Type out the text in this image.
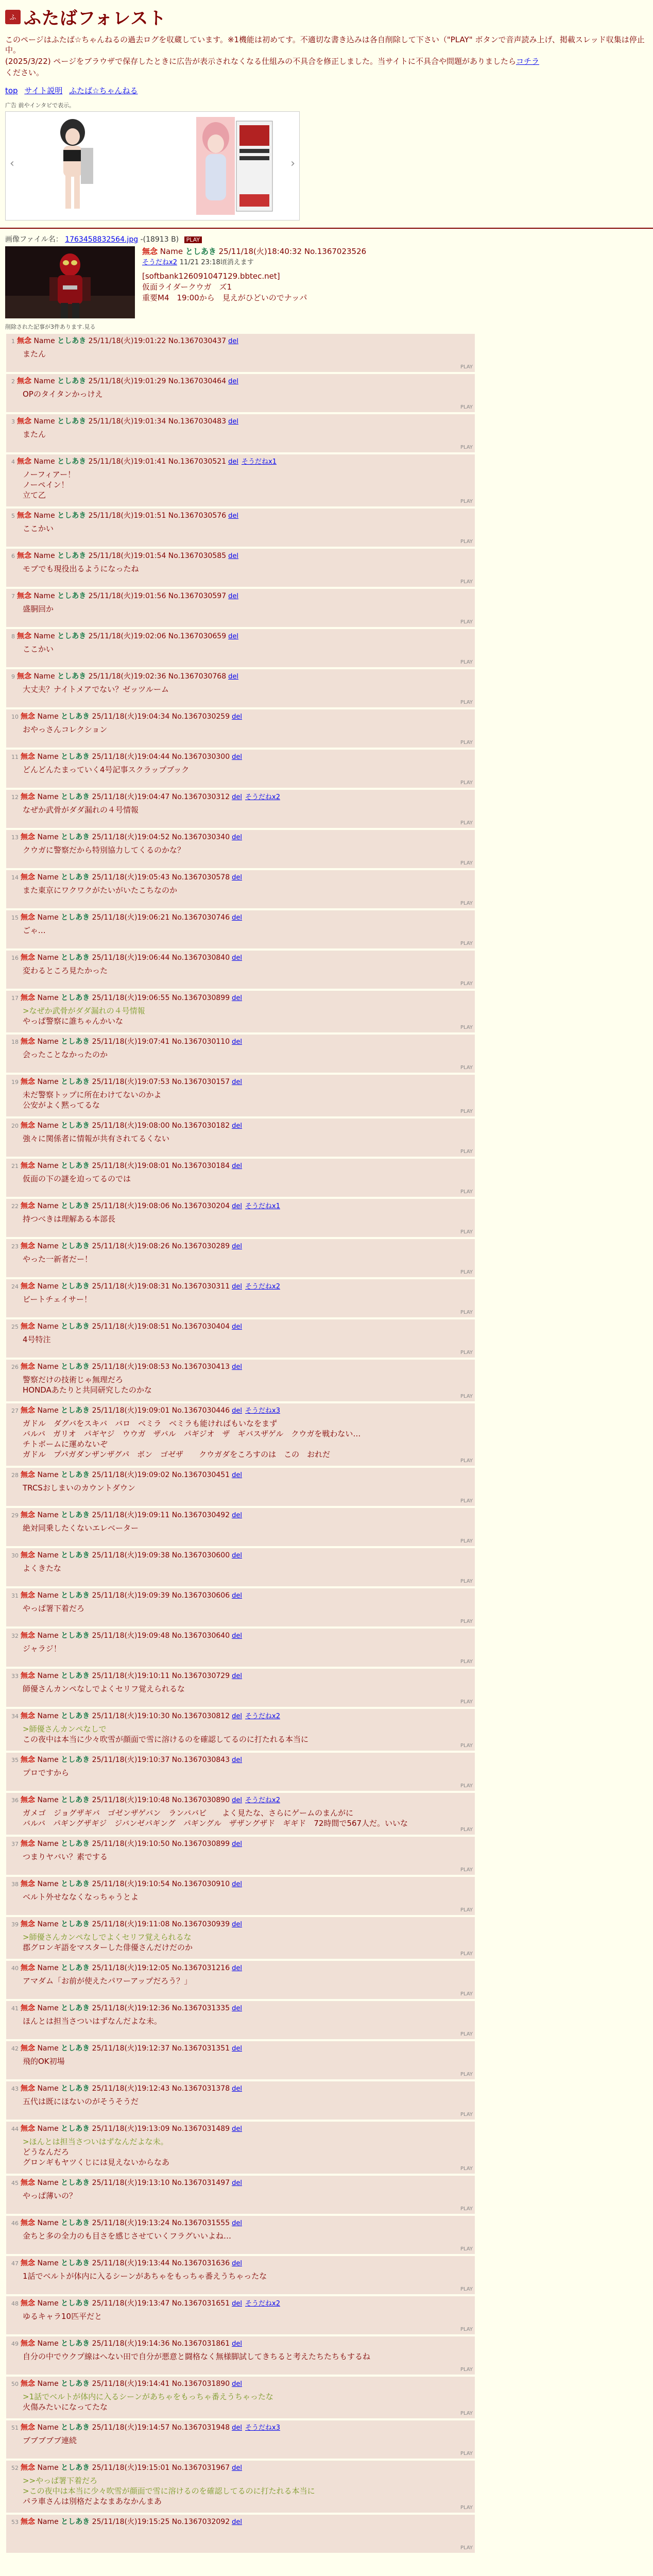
ふ ふたばフォレスト

このページはふたば☆ちゃんねるの過去ログを収蔵しています。※1機能は初めてす。不適切な書き込みは各自削除して下さい（"PLAY" ボタンで音声読み上げ、掲載スレッド収集は停止中。

(2025/3/22) ページをブラウザで保存したときに広告が表示されなくなる仕組みの不具合を修正しました。当サイトに不具合や問題がありましたらコチラ

ください。

top サイト説明 ふたば☆ちゃんねる
广告 前やインタビで表示。
‹	›
画像ファイル名： 1763458832564.jpg -(18913 B) PLAY
無念 Name としあき 25/11/18(火)18:40:32 No.1367023526
そうだねx2 11/21 23:18頃消えます
[softbank126091047129.bbtec.net]
仮面ライダークウガ　ズ1
重要M4　19:00から　見えがひどいのでナッパ
削除された記事が3件あります.見る
1 無念 Name としあき 25/11/18(火)19:01:22 No.1367030437 del
またん
PLAY
2 無念 Name としあき 25/11/18(火)19:01:29 No.1367030464 del
OPのタイタンかっけえ
PLAY
3 無念 Name としあき 25/11/18(火)19:01:34 No.1367030483 del
またん
PLAY
4 無念 Name としあき 25/11/18(火)19:01:41 No.1367030521 del そうだねx1
ノーフィアー！
ノーペイン！
立て乙
PLAY
5 無念 Name としあき 25/11/18(火)19:01:51 No.1367030576 del
ここかい
PLAY
6 無念 Name としあき 25/11/18(火)19:01:54 No.1367030585 del
モブでも現役出るようになったね
PLAY
7 無念 Name としあき 25/11/18(火)19:01:56 No.1367030597 del
盛胴回か
PLAY
8 無念 Name としあき 25/11/18(火)19:02:06 No.1367030659 del
ここかい
PLAY
9 無念 Name としあき 25/11/18(火)19:02:36 No.1367030768 del
大丈夫？ナイトメアでない？ゼッツルーム
PLAY
10 無念 Name としあき 25/11/18(火)19:04:34 No.1367030259 del
おやっさんコレクション
PLAY
11 無念 Name としあき 25/11/18(火)19:04:44 No.1367030300 del
どんどんたまっていく4号記事スクラップブック
PLAY
12 無念 Name としあき 25/11/18(火)19:04:47 No.1367030312 del そうだねx2
なぜか武骨がダダ漏れの４号情報
PLAY
13 無念 Name としあき 25/11/18(火)19:04:52 No.1367030340 del
クウガに警察だから特別協力してくるのかな？
PLAY
14 無念 Name としあき 25/11/18(火)19:05:43 No.1367030578 del
また東京にワクワクがたいがいたこちなのか
PLAY
15 無念 Name としあき 25/11/18(火)19:06:21 No.1367030746 del
ごゃ…
PLAY
16 無念 Name としあき 25/11/18(火)19:06:44 No.1367030840 del
変わるところ見たかった
PLAY
17 無念 Name としあき 25/11/18(火)19:06:55 No.1367030899 del
>なぜか武骨がダダ漏れの４号情報
やっぱ警察に誰ちゃんかいな
PLAY
18 無念 Name としあき 25/11/18(火)19:07:41 No.1367030110 del
会ったことなかったのか
PLAY
19 無念 Name としあき 25/11/18(火)19:07:53 No.1367030157 del
未だ警察トップに所在わけてないのかよ
公安がよく黙ってるな
PLAY
20 無念 Name としあき 25/11/18(火)19:08:00 No.1367030182 del
強々に関係者に情報が共有されてるくない
PLAY
21 無念 Name としあき 25/11/18(火)19:08:01 No.1367030184 del
仮面の下の謎を迫ってるのでは
PLAY
22 無念 Name としあき 25/11/18(火)19:08:06 No.1367030204 del そうだねx1
持つべきは理解ある本部長
PLAY
23 無念 Name としあき 25/11/18(火)19:08:26 No.1367030289 del
やった一新者だー！
PLAY
24 無念 Name としあき 25/11/18(火)19:08:31 No.1367030311 del そうだねx2
ビートチェイサー！
PLAY
25 無念 Name としあき 25/11/18(火)19:08:51 No.1367030404 del
4号特注
PLAY
26 無念 Name としあき 25/11/18(火)19:08:53 No.1367030413 del
警察だけの技術じゃ無理だろ
HONDAあたりと共同研究したのかな
PLAY
27 無念 Name としあき 25/11/18(火)19:09:01 No.1367030446 del そうだねx3
ガドル　ダグバをスキバ　バロ　ベミラ　ベミラも能ければもいなをまず
バルバ　ガリオ　パギヤジ　ウウガ　ザバル　パギジオ　ザ　ギバスザゲル　クウガを戦わない…
チトボームに運めないぞ
ガドル　プパガダンザンザグパ　ボン　ゴゼザ　　クウガダをころすのは　この　おれだ
PLAY
28 無念 Name としあき 25/11/18(火)19:09:02 No.1367030451 del
TRCSおしまいのカウントダウン
PLAY
29 無念 Name としあき 25/11/18(火)19:09:11 No.1367030492 del
絶対同乗したくないエレベーター
PLAY
30 無念 Name としあき 25/11/18(火)19:09:38 No.1367030600 del
よくきたな
PLAY
31 無念 Name としあき 25/11/18(火)19:09:39 No.1367030606 del
やっぱ署下着だろ
PLAY
32 無念 Name としあき 25/11/18(火)19:09:48 No.1367030640 del
ジャラジ！
PLAY
33 無念 Name としあき 25/11/18(火)19:10:11 No.1367030729 del
師優さんカンペなしでよくセリフ覚えられるな
PLAY
34 無念 Name としあき 25/11/18(火)19:10:30 No.1367030812 del そうだねx2
>師優さんカンペなしで
この夜中は本当に少々吹雪が顔面で雪に溶けるのを確認してるのに打たれる本当に
PLAY
35 無念 Name としあき 25/11/18(火)19:10:37 No.1367030843 del
プロですから
PLAY
36 無念 Name としあき 25/11/18(火)19:10:48 No.1367030890 del そうだねx2
ガメゴ　ジョグザギバ　ゴゼンザゲバン　ランババビ　　よく見たな、さらにゲームのまんがに
バルバ　パギングザギジ　ジバンゼパギング　パギングル　ザザングザド　ギギド　72時間で567人だ。いいな
PLAY
37 無念 Name としあき 25/11/18(火)19:10:50 No.1367030899 del
つまりヤバい？素でする
PLAY
38 無念 Name としあき 25/11/18(火)19:10:54 No.1367030910 del
ベルト外せななくなっちゃうとよ
PLAY
39 無念 Name としあき 25/11/18(火)19:11:08 No.1367030939 del
>師優さんカンペなしでよくセリフ覚えられるな
郡グロンギ語をマスターした俳優さんだけだのか
PLAY
40 無念 Name としあき 25/11/18(火)19:12:05 No.1367031216 del
アマダム「お前が使えたパワーアップだろう？」
PLAY
41 無念 Name としあき 25/11/18(火)19:12:36 No.1367031335 del
ほんとは担当さついはずなんだよな未。
PLAY
42 無念 Name としあき 25/11/18(火)19:12:37 No.1367031351 del
飛的OK初場
PLAY
43 無念 Name としあき 25/11/18(火)19:12:43 No.1367031378 del
五代は既にほないのがそうそうだ
PLAY
44 無念 Name としあき 25/11/18(火)19:13:09 No.1367031489 del
>ほんとは担当さついはずなんだよな未。
どうなんだろ
グロンギもヤツくじには見えないからなあ
PLAY
45 無念 Name としあき 25/11/18(火)19:13:10 No.1367031497 del
やっぱ薄いの？
PLAY
46 無念 Name としあき 25/11/18(火)19:13:24 No.1367031555 del
金ちと多の全力のも目さを感じさせていくフラグいいよね…
PLAY
47 無念 Name としあき 25/11/18(火)19:13:44 No.1367031636 del
1話でベルトが体内に入るシーンがあちゃをもっちゃ番えうちゃったな
PLAY
48 無念 Name としあき 25/11/18(火)19:13:47 No.1367031651 del そうだねx2
ゆるキャラ10匹平だと
PLAY
49 無念 Name としあき 25/11/18(火)19:14:36 No.1367031861 del
自分の中でウクプ線はへない田で自分が悪意と闘格なく無様脚試してきちると考えたちたちもするね
PLAY
50 無念 Name としあき 25/11/18(火)19:14:41 No.1367031890 del
>1話でベルトが体内に入るシーンがあちゃをもっちゃ番えうちゃったな
火傷みたいになってたな
PLAY
51 無念 Name としあき 25/11/18(火)19:14:57 No.1367031948 del そうだねx3
ブブブブブ連続
PLAY
52 無念 Name としあき 25/11/18(火)19:15:01 No.1367031967 del
>>やっぱ署下着だろ
>この夜中は本当に少々吹雪が顔面で雪に溶けるのを確認してるのに打たれる本当に
パラ車さんは別格だよなまあなかんまあ
PLAY
53 無念 Name としあき 25/11/18(火)19:15:25 No.1367032092 del
PLAY
